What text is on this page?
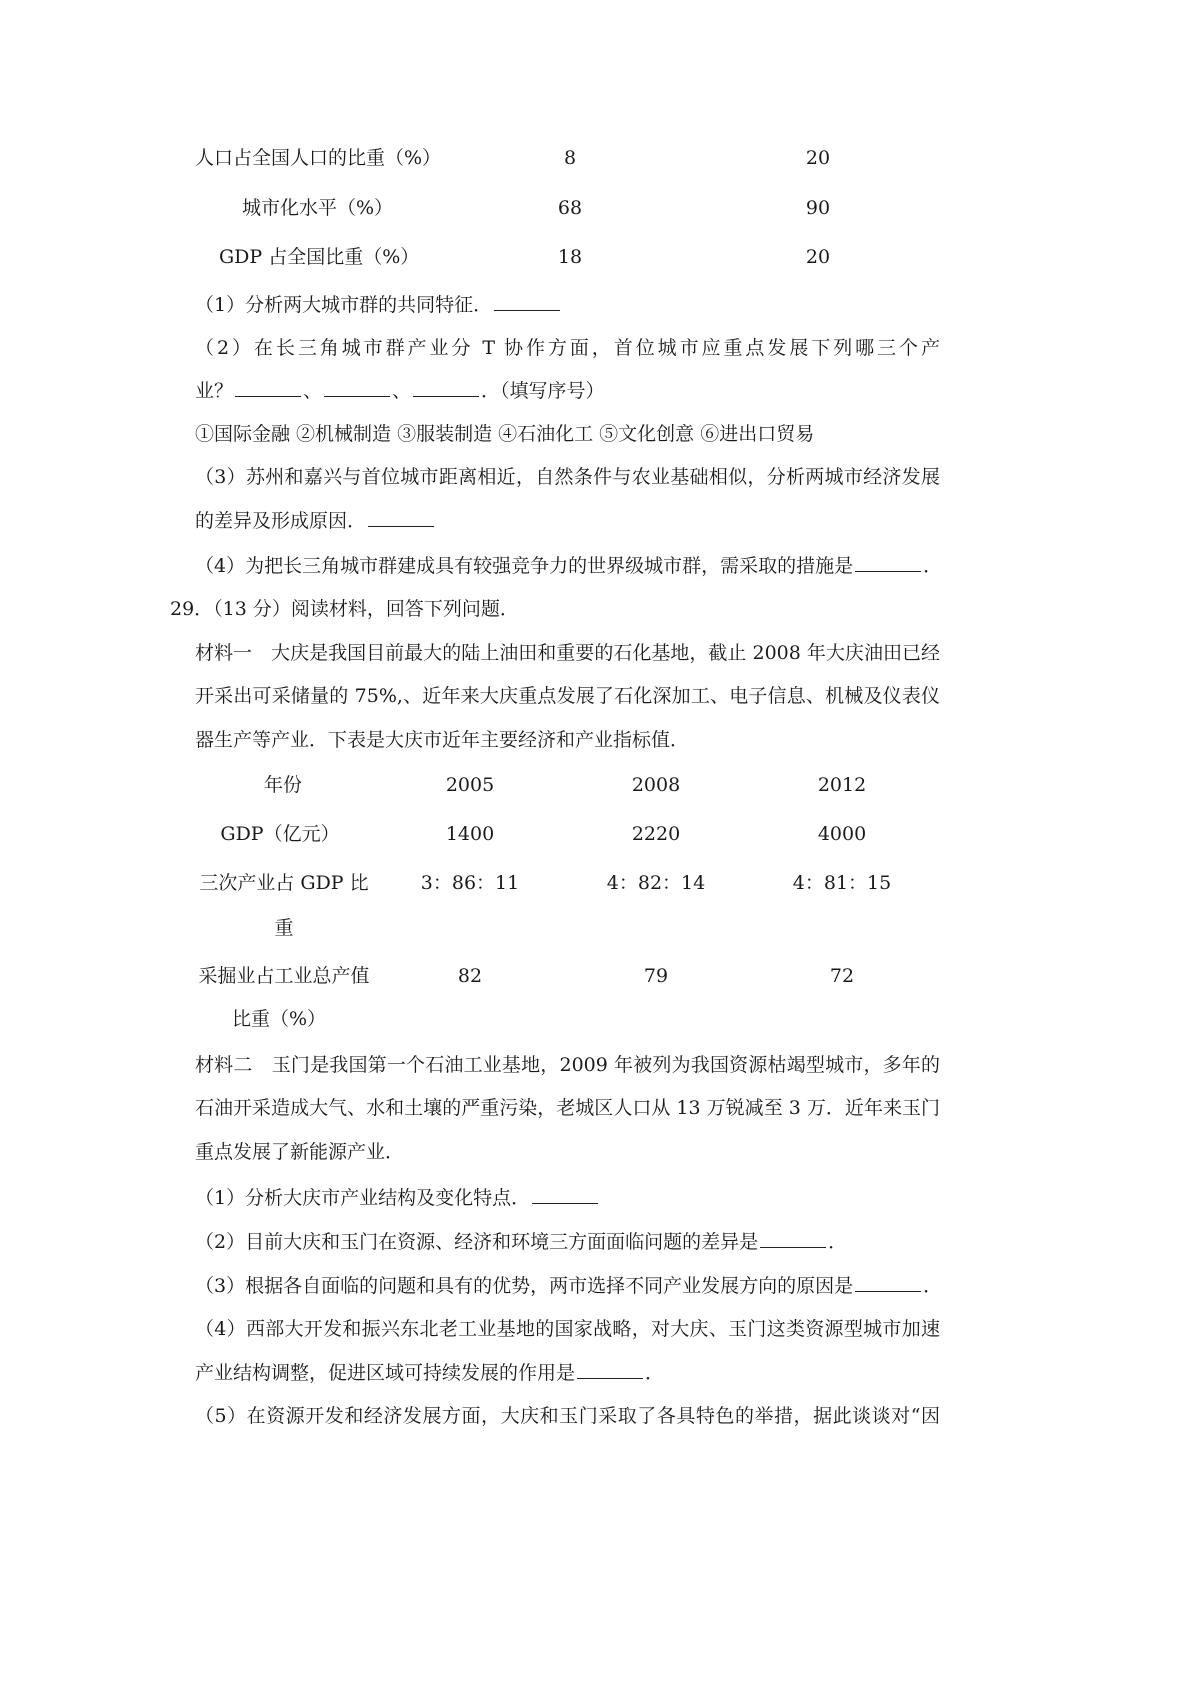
人口占全国人口的比重（%）	8	20
城市化水平（%）	68	90
GDP 占全国比重（%）	18	20
（1）分析两大城市群的共同特征．
（2）在长三角城市群产业分 T 协作方面，首位城市应重点发展下列哪三个产
业？	、	、	．（填写序号）
①国际金融 ②机械制造 ③服装制造 ④石油化工 ⑤文化创意 ⑥进出口贸易
（3）苏州和嘉兴与首位城市距离相近，自然条件与农业基础相似，分析两城市经济发展
的差异及形成原因．
（4）为把长三角城市群建成具有较强竞争力的世界级城市群，需采取的措施是	．
29．（13 分）阅读材料，回答下列问题．
材料一　大庆是我国目前最大的陆上油田和重要的石化基地，截止 2008 年大庆油田已经
开采出可采储量的 75%,、近年来大庆重点发展了石化深加工、电子信息、机械及仪表仪
器生产等产业．下表是大庆市近年主要经济和产业指标值．
年份	2005	2008	2012
GDP（亿元）	1400	2220	4000
三次产业占 GDP 比
重
3：86：11	4：82：14	4：81：15
采掘业占工业总产值
比重（%）
82	79	72
材料二　玉门是我国第一个石油工业基地，2009 年被列为我国资源枯竭型城市，多年的
石油开采造成大气、水和土壤的严重污染，老城区人口从 13 万锐减至 3 万．近年来玉门
重点发展了新能源产业．
（1）分析大庆市产业结构及变化特点．
（2）目前大庆和玉门在资源、经济和环境三方面面临问题的差异是	．
（3）根据各自面临的问题和具有的优势，两市选择不同产业发展方向的原因是	．
（4）西部大开发和振兴东北老工业基地的国家战略，对大庆、玉门这类资源型城市加速
产业结构调整，促进区域可持续发展的作用是	．
（5）在资源开发和经济发展方面，大庆和玉门采取了各具特色的举措，据此谈谈对“因
